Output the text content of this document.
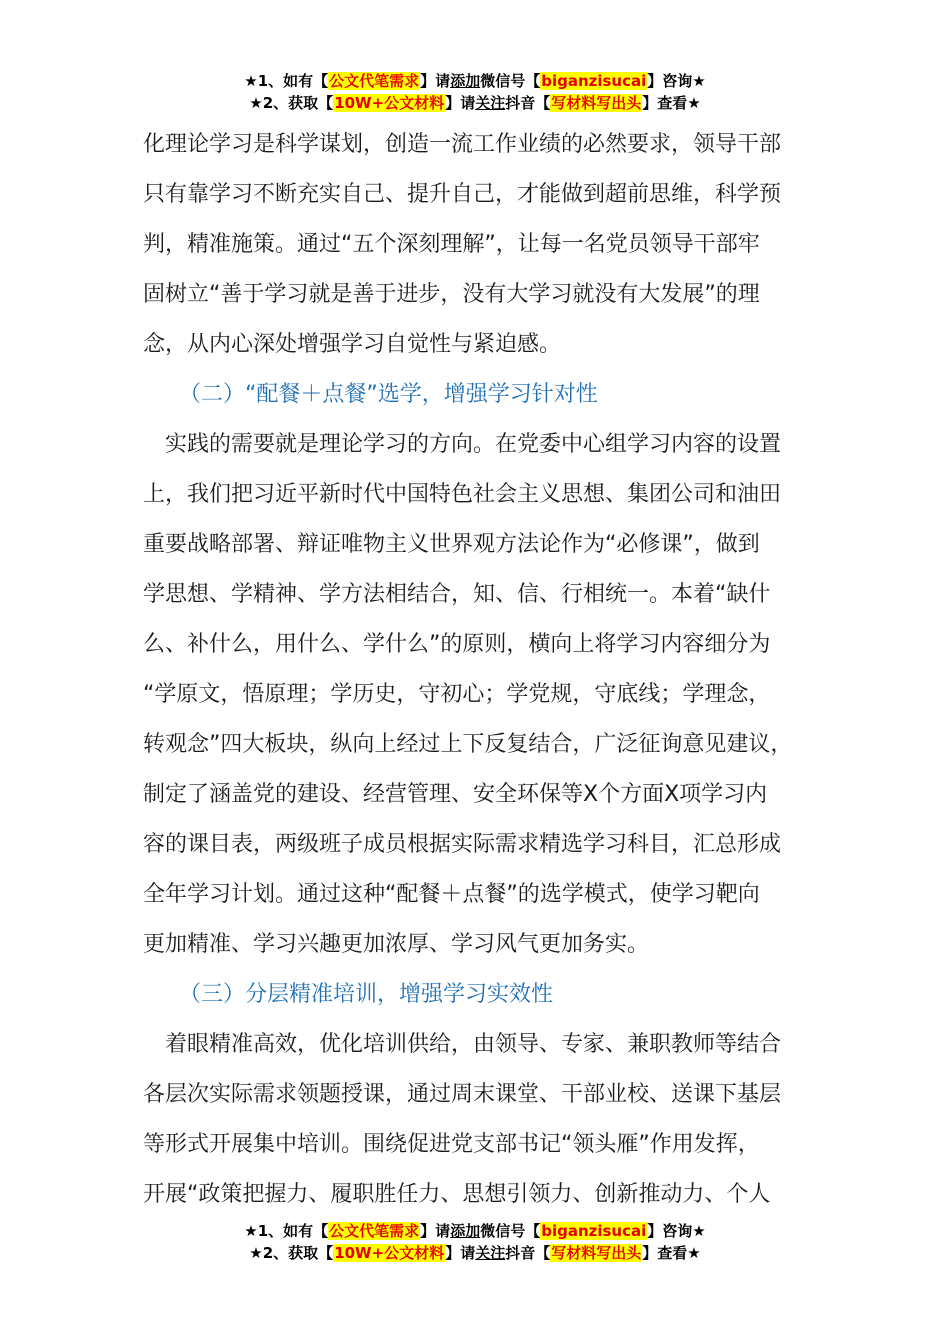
★1、如有【公文代笔需求】请添加微信号【biganzisucai】咨询★
★2、获取【10W+公文材料】请关注抖音【写材料写出头】查看★

化理论学习是科学谋划，创造一流工作业绩的必然要求，领导干部

只有靠学习不断充实自己、提升自己，才能做到超前思维，科学预

判，精准施策。通过“五个深刻理解”，让每一名党员领导干部牢

固树立“善于学习就是善于进步，没有大学习就没有大发展”的理

念，从内心深处增强学习自觉性与紧迫感。

（二）“配餐＋点餐”选学，增强学习针对性

　实践的需要就是理论学习的方向。在党委中心组学习内容的设置

上，我们把习近平新时代中国特色社会主义思想、集团公司和油田

重要战略部署、辩证唯物主义世界观方法论作为“必修课”，做到

学思想、学精神、学方法相结合，知、信、行相统一。本着“缺什

么、补什么，用什么、学什么”的原则，横向上将学习内容细分为

“学原文，悟原理；学历史，守初心；学党规，守底线；学理念，

转观念”四大板块，纵向上经过上下反复结合，广泛征询意见建议，

制定了涵盖党的建设、经营管理、安全环保等X个方面X项学习内

容的课目表，两级班子成员根据实际需求精选学习科目，汇总形成

全年学习计划。通过这种“配餐＋点餐”的选学模式，使学习靶向

更加精准、学习兴趣更加浓厚、学习风气更加务实。

（三）分层精准培训，增强学习实效性

　着眼精准高效，优化培训供给，由领导、专家、兼职教师等结合

各层次实际需求领题授课，通过周末课堂、干部业校、送课下基层

等形式开展集中培训。围绕促进党支部书记“领头雁”作用发挥，

开展“政策把握力、履职胜任力、思想引领力、创新推动力、个人

★1、如有【公文代笔需求】请添加微信号【biganzisucai】咨询★
★2、获取【10W+公文材料】请关注抖音【写材料写出头】查看★
